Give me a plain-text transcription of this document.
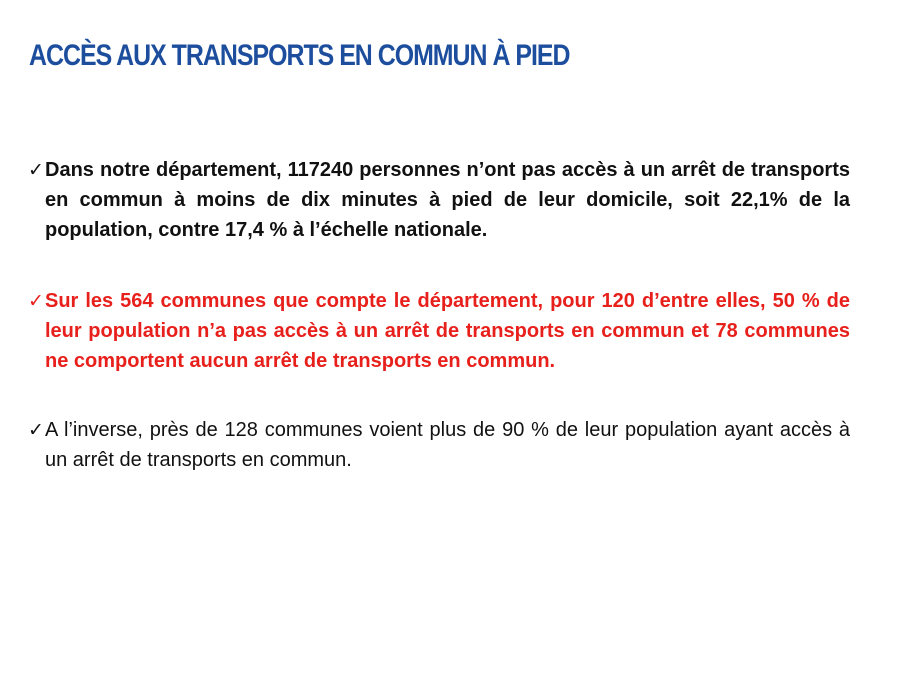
ACCÈS AUX TRANSPORTS EN COMMUN À PIED
✓ Dans notre département, 117240 personnes n’ont pas accès à un arrêt de transports en commun à moins de dix minutes à pied de leur domicile, soit 22,1% de la population, contre 17,4 % à l’échelle nationale.
✓ Sur les 564 communes que compte le département, pour 120 d’entre elles, 50 % de leur population n’a pas accès à un arrêt de transports en commun et 78 communes ne comportent aucun arrêt de transports en commun.
✓ A l’inverse, près de 128 communes voient plus de 90 % de leur population ayant accès à un arrêt de transports en commun.
